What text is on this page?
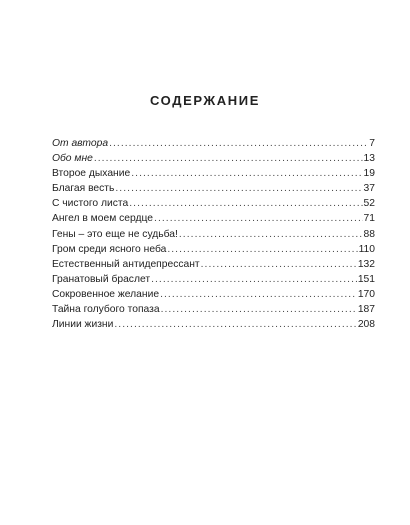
СОДЕРЖАНИЕ
От автора . . .	7
Обо мне . . .	13
Второе дыхание . . .	19
Благая весть . . .	37
С чистого листа . . .	52
Ангел в моем сердце . . .	71
Гены – это еще не судьба! . . .	88
Гром среди ясного неба . . .	110
Естественный антидепрессант . . .	132
Гранатовый браслет . . .	151
Сокровенное желание . . .	170
Тайна голубого топаза . . .	187
Линии жизни . . .	208
